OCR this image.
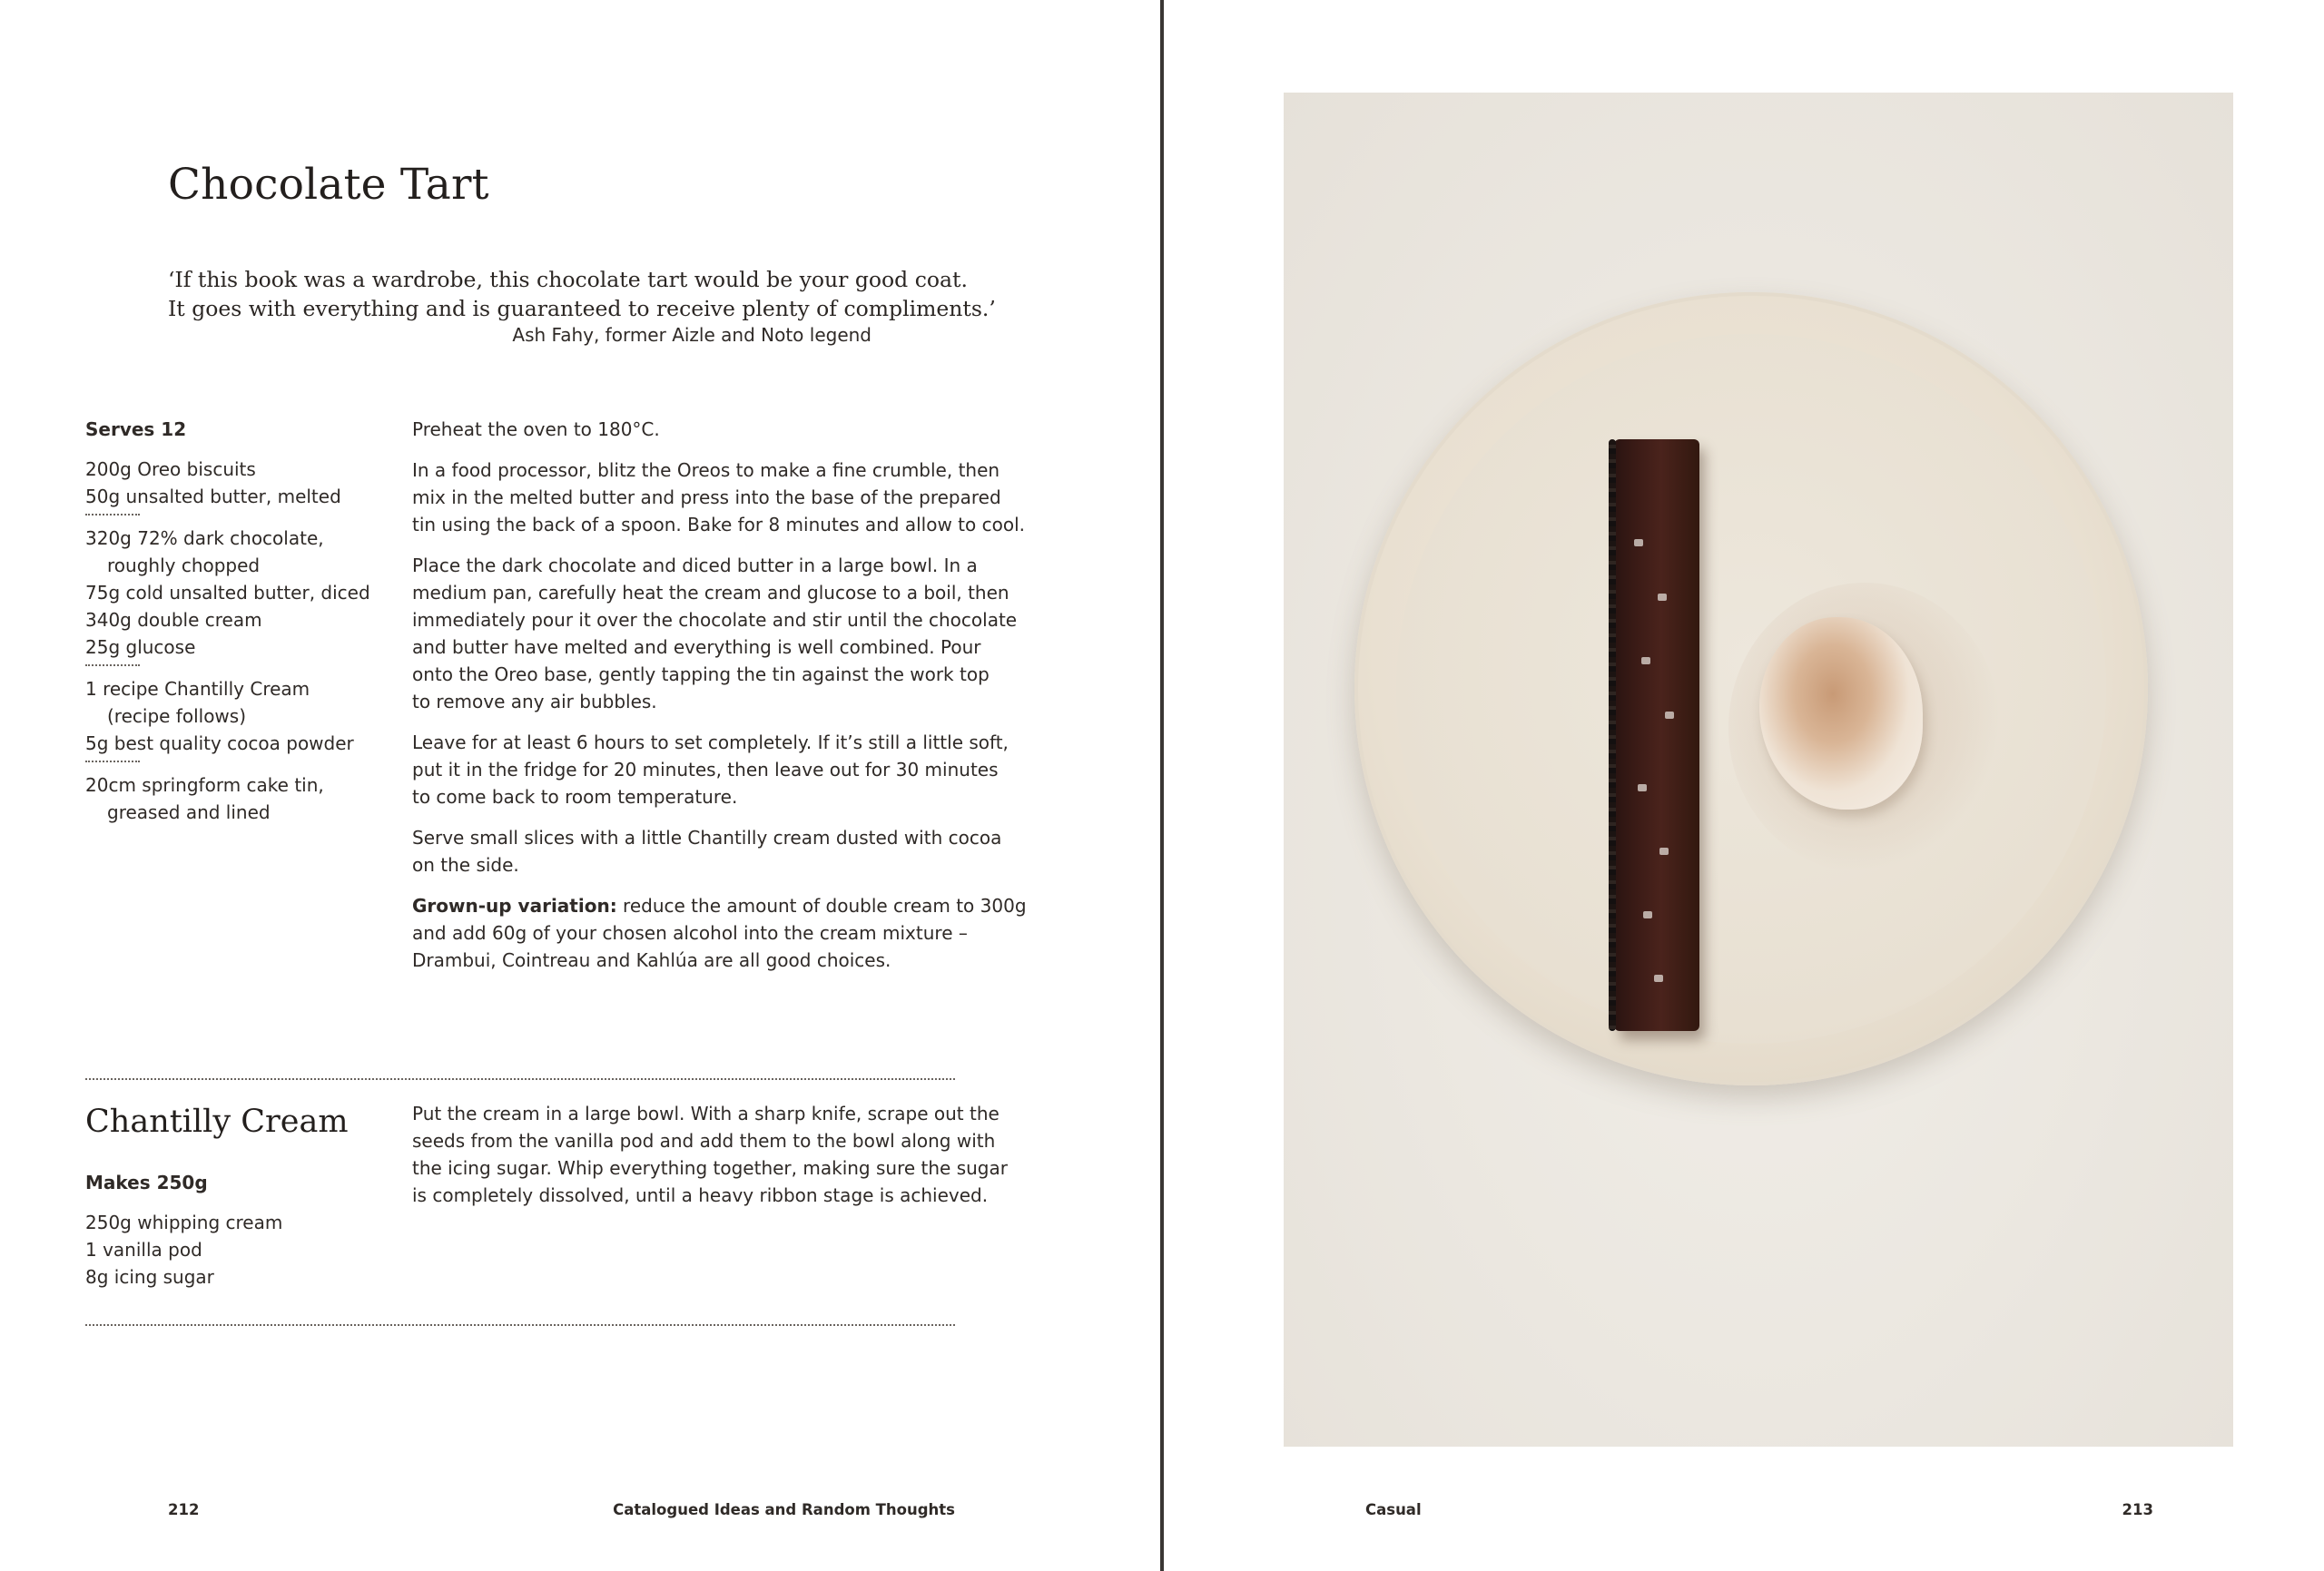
Chocolate Tart
‘If this book was a wardrobe, this chocolate tart would be your good coat.
It goes with everything and is guaranteed to receive plenty of compliments.’
Ash Fahy, former Aizle and Noto legend
Serves 12
200g Oreo biscuits
50g unsalted butter, melted
320g 72% dark chocolate,
roughly chopped
75g cold unsalted butter, diced
340g double cream
25g glucose
1 recipe Chantilly Cream
(recipe follows)
5g best quality cocoa powder
20cm springform cake tin,
greased and lined

Preheat the oven to 180°C.

In a food processor, blitz the Oreos to make a fine crumble, then
mix in the melted butter and press into the base of the prepared
tin using the back of a spoon. Bake for 8 minutes and allow to cool.

Place the dark chocolate and diced butter in a large bowl. In a
medium pan, carefully heat the cream and glucose to a boil, then
immediately pour it over the chocolate and stir until the chocolate
and butter have melted and everything is well combined. Pour
onto the Oreo base, gently tapping the tin against the work top
to remove any air bubbles.

Leave for at least 6 hours to set completely. If it’s still a little soft,
put it in the fridge for 20 minutes, then leave out for 30 minutes
to come back to room temperature.

Serve small slices with a little Chantilly cream dusted with cocoa
on the side.

Grown-up variation: reduce the amount of double cream to 300g
and add 60g of your chosen alcohol into the cream mixture –
Drambui, Cointreau and Kahlúa are all good choices.

Chantilly Cream
Makes 250g
250g whipping cream
1 vanilla pod
8g icing sugar

Put the cream in a large bowl. With a sharp knife, scrape out the
seeds from the vanilla pod and add them to the bowl along with
the icing sugar. Whip everything together, making sure the sugar
is completely dissolved, until a heavy ribbon stage is achieved.

212	Catalogued Ideas and Random Thoughts	Casual	213
